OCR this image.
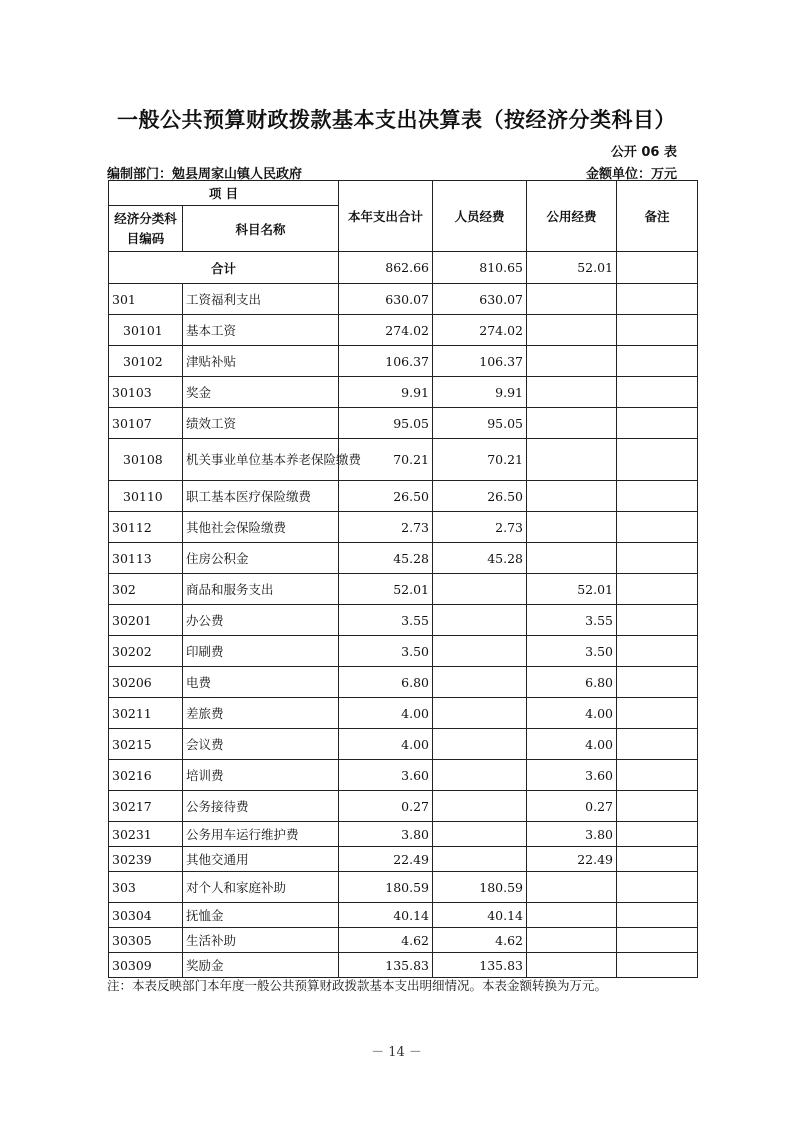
一般公共预算财政拨款基本支出决算表（按经济分类科目）
公开 06 表
编制部门：勉县周家山镇人民政府	金额单位：万元
项 目		本年支出合计	人员经费	公用经费	备注
经济分类科目编码	科目名称				
合计		862.66	810.65	52.01	
301	工资福利支出	630.07	630.07		
30101	基本工资	274.02	274.02		
30102	津贴补贴	106.37	106.37		
30103	奖金	9.91	9.91		
30107	绩效工资	95.05	95.05		
30108	机关事业单位基本养老保险缴费	70.21	70.21		
30110	职工基本医疗保险缴费	26.50	26.50		
30112	其他社会保险缴费	2.73	2.73		
30113	住房公积金	45.28	45.28		
302	商品和服务支出	52.01		52.01	
30201	办公费	3.55		3.55	
30202	印刷费	3.50		3.50	
30206	电费	6.80		6.80	
30211	差旅费	4.00		4.00	
30215	会议费	4.00		4.00	
30216	培训费	3.60		3.60	
30217	公务接待费	0.27		0.27	
30231	公务用车运行维护费	3.80		3.80	
30239	其他交通用	22.49		22.49	
303	对个人和家庭补助	180.59	180.59		
30304	抚恤金	40.14	40.14		
30305	生活补助	4.62	4.62		
30309	奖励金	135.83	135.83		
注：本表反映部门本年度一般公共预算财政拨款基本支出明细情况。本表金额转换为万元。
－ 14 －
